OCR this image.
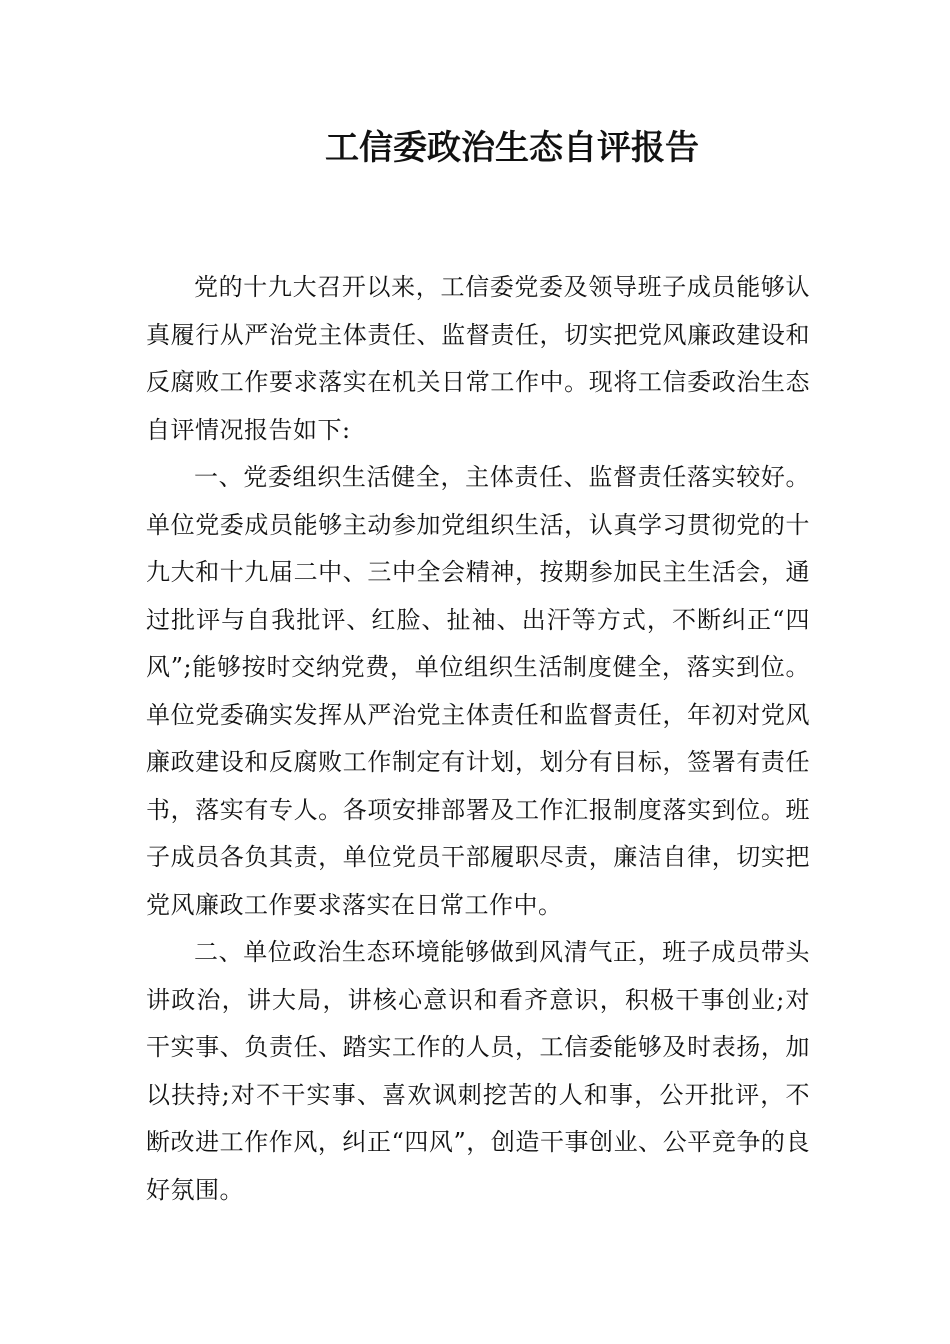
工信委政治生态自评报告

党的十九大召开以来，工信委党委及领导班子成员能够认真履行从严治党主体责任、监督责任，切实把党风廉政建设和反腐败工作要求落实在机关日常工作中。现将工信委政治生态自评情况报告如下:

一、党委组织生活健全，主体责任、监督责任落实较好。单位党委成员能够主动参加党组织生活，认真学习贯彻党的十九大和十九届二中、三中全会精神，按期参加民主生活会，通过批评与自我批评、红脸、扯袖、出汗等方式，不断纠正“四风”;能够按时交纳党费，单位组织生活制度健全，落实到位。单位党委确实发挥从严治党主体责任和监督责任，年初对党风廉政建设和反腐败工作制定有计划，划分有目标，签署有责任书，落实有专人。各项安排部署及工作汇报制度落实到位。班子成员各负其责，单位党员干部履职尽责，廉洁自律，切实把党风廉政工作要求落实在日常工作中。

二、单位政治生态环境能够做到风清气正，班子成员带头讲政治，讲大局，讲核心意识和看齐意识，积极干事创业;对干实事、负责任、踏实工作的人员，工信委能够及时表扬，加以扶持;对不干实事、喜欢讽刺挖苦的人和事，公开批评，不断改进工作作风，纠正“四风”，创造干事创业、公平竞争的良好氛围。
